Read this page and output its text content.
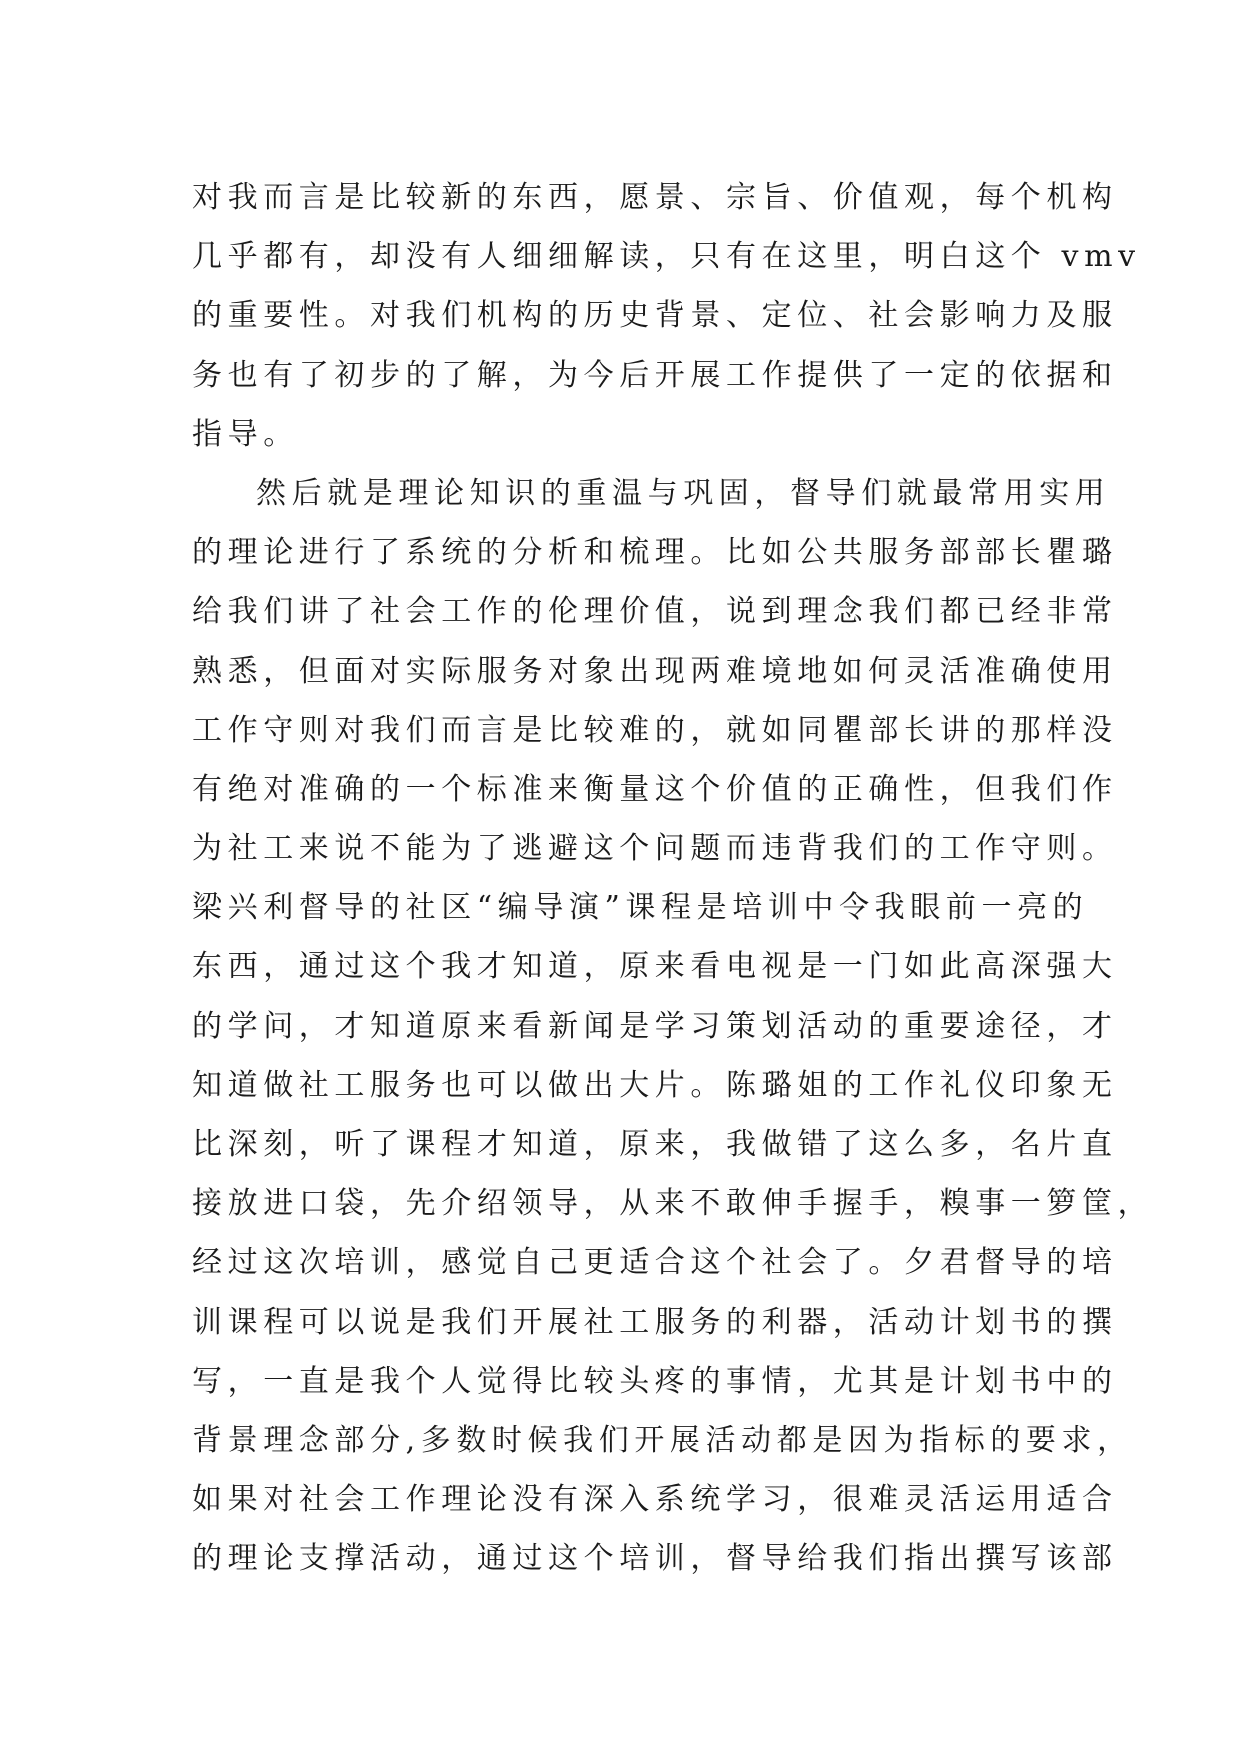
对我而言是比较新的东西，愿景、宗旨、价值观，每个机构
几乎都有，却没有人细细解读，只有在这里，明白这个 vmv
的重要性。对我们机构的历史背景、定位、社会影响力及服
务也有了初步的了解，为今后开展工作提供了一定的依据和
指导。
然后就是理论知识的重温与巩固，督导们就最常用实用
的理论进行了系统的分析和梳理。比如公共服务部部长瞿璐
给我们讲了社会工作的伦理价值，说到理念我们都已经非常
熟悉，但面对实际服务对象出现两难境地如何灵活准确使用
工作守则对我们而言是比较难的，就如同瞿部长讲的那样没
有绝对准确的一个标准来衡量这个价值的正确性，但我们作
为社工来说不能为了逃避这个问题而违背我们的工作守则。
梁兴利督导的社区“编导演”课程是培训中令我眼前一亮的
东西，通过这个我才知道，原来看电视是一门如此高深强大
的学问，才知道原来看新闻是学习策划活动的重要途径，才
知道做社工服务也可以做出大片。陈璐姐的工作礼仪印象无
比深刻，听了课程才知道，原来，我做错了这么多，名片直
接放进口袋，先介绍领导，从来不敢伸手握手，糗事一箩筐，
经过这次培训，感觉自己更适合这个社会了。夕君督导的培
训课程可以说是我们开展社工服务的利器，活动计划书的撰
写，一直是我个人觉得比较头疼的事情，尤其是计划书中的
背景理念部分,多数时候我们开展活动都是因为指标的要求，
如果对社会工作理论没有深入系统学习，很难灵活运用适合
的理论支撑活动，通过这个培训，督导给我们指出撰写该部
